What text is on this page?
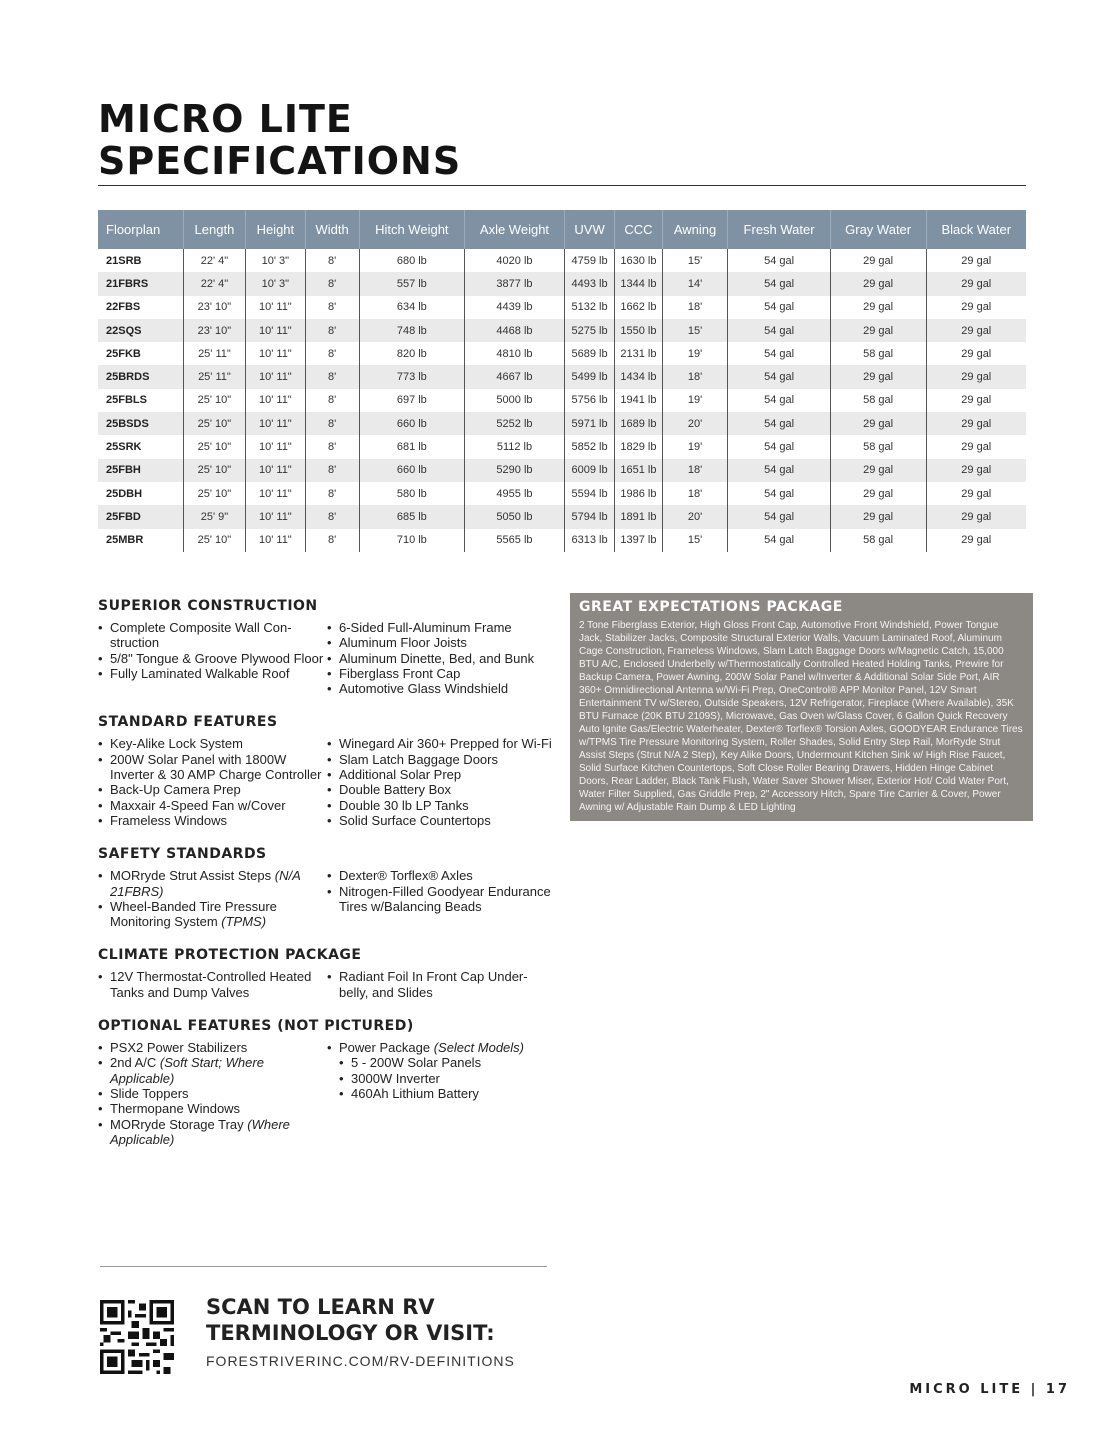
MICRO LITE
SPECIFICATIONS
Floorplan	Length	Height	Width	Hitch Weight	Axle Weight	UVW	CCC	Awning	Fresh Water	Gray Water	Black Water
21SRB	22' 4"	10' 3"	8'	680 lb	4020 lb	4759 lb	1630 lb	15'	54 gal	29 gal	29 gal
21FBRS	22' 4"	10' 3"	8'	557 lb	3877 lb	4493 lb	1344 lb	14'	54 gal	29 gal	29 gal
22FBS	23' 10"	10' 11"	8'	634 lb	4439 lb	5132 lb	1662 lb	18'	54 gal	29 gal	29 gal
22SQS	23' 10"	10' 11"	8'	748 lb	4468 lb	5275 lb	1550 lb	15'	54 gal	29 gal	29 gal
25FKB	25' 11"	10' 11"	8'	820 lb	4810 lb	5689 lb	2131 lb	19'	54 gal	58 gal	29 gal
25BRDS	25' 11"	10' 11"	8'	773 lb	4667 lb	5499 lb	1434 lb	18'	54 gal	29 gal	29 gal
25FBLS	25' 10"	10' 11"	8'	697 lb	5000 lb	5756 lb	1941 lb	19'	54 gal	58 gal	29 gal
25BSDS	25' 10"	10' 11"	8'	660 lb	5252 lb	5971 lb	1689 lb	20'	54 gal	29 gal	29 gal
25SRK	25' 10"	10' 11"	8'	681 lb	5112 lb	5852 lb	1829 lb	19'	54 gal	58 gal	29 gal
25FBH	25' 10"	10' 11"	8'	660 lb	5290 lb	6009 lb	1651 lb	18'	54 gal	29 gal	29 gal
25DBH	25' 10"	10' 11"	8'	580 lb	4955 lb	5594 lb	1986 lb	18'	54 gal	29 gal	29 gal
25FBD	25' 9"	10' 11"	8'	685 lb	5050 lb	5794 lb	1891 lb	20'	54 gal	29 gal	29 gal
25MBR	25' 10"	10' 11"	8'	710 lb	5565 lb	6313 lb	1397 lb	15'	54 gal	58 gal	29 gal
SUPERIOR CONSTRUCTION
• Complete Composite Wall Con- struction
• 5/8" Tongue & Groove Plywood Floor
• Fully Laminated Walkable Roof
• 6-Sided Full-Aluminum Frame
• Aluminum Floor Joists
• Aluminum Dinette, Bed, and Bunk
• Fiberglass Front Cap
• Automotive Glass Windshield
STANDARD FEATURES
• Key-Alike Lock System
• 200W Solar Panel with 1800W Inverter & 30 AMP Charge Controller
• Back-Up Camera Prep
• Maxxair 4-Speed Fan w/Cover
• Frameless Windows
• Winegard Air 360+ Prepped for Wi-Fi
• Slam Latch Baggage Doors
• Additional Solar Prep
• Double Battery Box
• Double 30 lb LP Tanks
• Solid Surface Countertops
SAFETY STANDARDS
• MORryde Strut Assist Steps (N/A 21FBRS)
• Wheel-Banded Tire Pressure Monitoring System (TPMS)
• Dexter® Torflex® Axles
• Nitrogen-Filled Goodyear Endurance Tires w/Balancing Beads
CLIMATE PROTECTION PACKAGE
• 12V Thermostat-Controlled Heated Tanks and Dump Valves
• Radiant Foil In Front Cap Under- belly, and Slides
OPTIONAL FEATURES (NOT PICTURED)
• PSX2 Power Stabilizers
• 2nd A/C (Soft Start; Where Applicable)
• Slide Toppers
• Thermopane Windows
• MORryde Storage Tray (Where Applicable)
• Power Package (Select Models)
• 5 - 200W Solar Panels
• 3000W Inverter
• 460Ah Lithium Battery
GREAT EXPECTATIONS PACKAGE
2 Tone Fiberglass Exterior, High Gloss Front Cap, Automotive Front Windshield, Power Tongue Jack, Stabilizer Jacks, Composite Structural Exterior Walls, Vacuum Laminated Roof, Aluminum Cage Construction, Frameless Windows, Slam Latch Baggage Doors w/Magnetic Catch, 15,000 BTU A/C, Enclosed Underbelly w/Thermostatically Controlled Heated Holding Tanks, Prewire for Backup Camera, Power Awning, 200W Solar Panel w/Inverter & Additional Solar Side Port, AIR 360+ Omnidirectional Antenna w/Wi-Fi Prep, OneControl® APP Monitor Panel, 12V Smart Entertainment TV w/Stereo, Outside Speakers, 12V Refrigerator, Fireplace (Where Available), 35K BTU Furnace (20K BTU 2109S), Microwave, Gas Oven w/Glass Cover, 6 Gallon Quick Recovery Auto Ignite Gas/Electric Waterheater, Dexter® Torflex® Torsion Axles, GOODYEAR Endurance Tires w/TPMS Tire Pressure Monitoring System, Roller Shades, Solid Entry Step Rail, MorRyde Strut Assist Steps (Strut N/A 2 Step), Key Alike Doors, Undermount Kitchen Sink w/ High Rise Faucet, Solid Surface Kitchen Countertops, Soft Close Roller Bearing Drawers, Hidden Hinge Cabinet Doors, Rear Ladder, Black Tank Flush, Water Saver Shower Miser, Exterior Hot/ Cold Water Port, Water Filter Supplied, Gas Griddle Prep, 2" Accessory Hitch, Spare Tire Carrier & Cover, Power Awning w/ Adjustable Rain Dump & LED Lighting
SCAN TO LEARN RV
TERMINOLOGY OR VISIT:
FORESTRIVERINC.COM/RV-DEFINITIONS
MICRO LITE | 17
